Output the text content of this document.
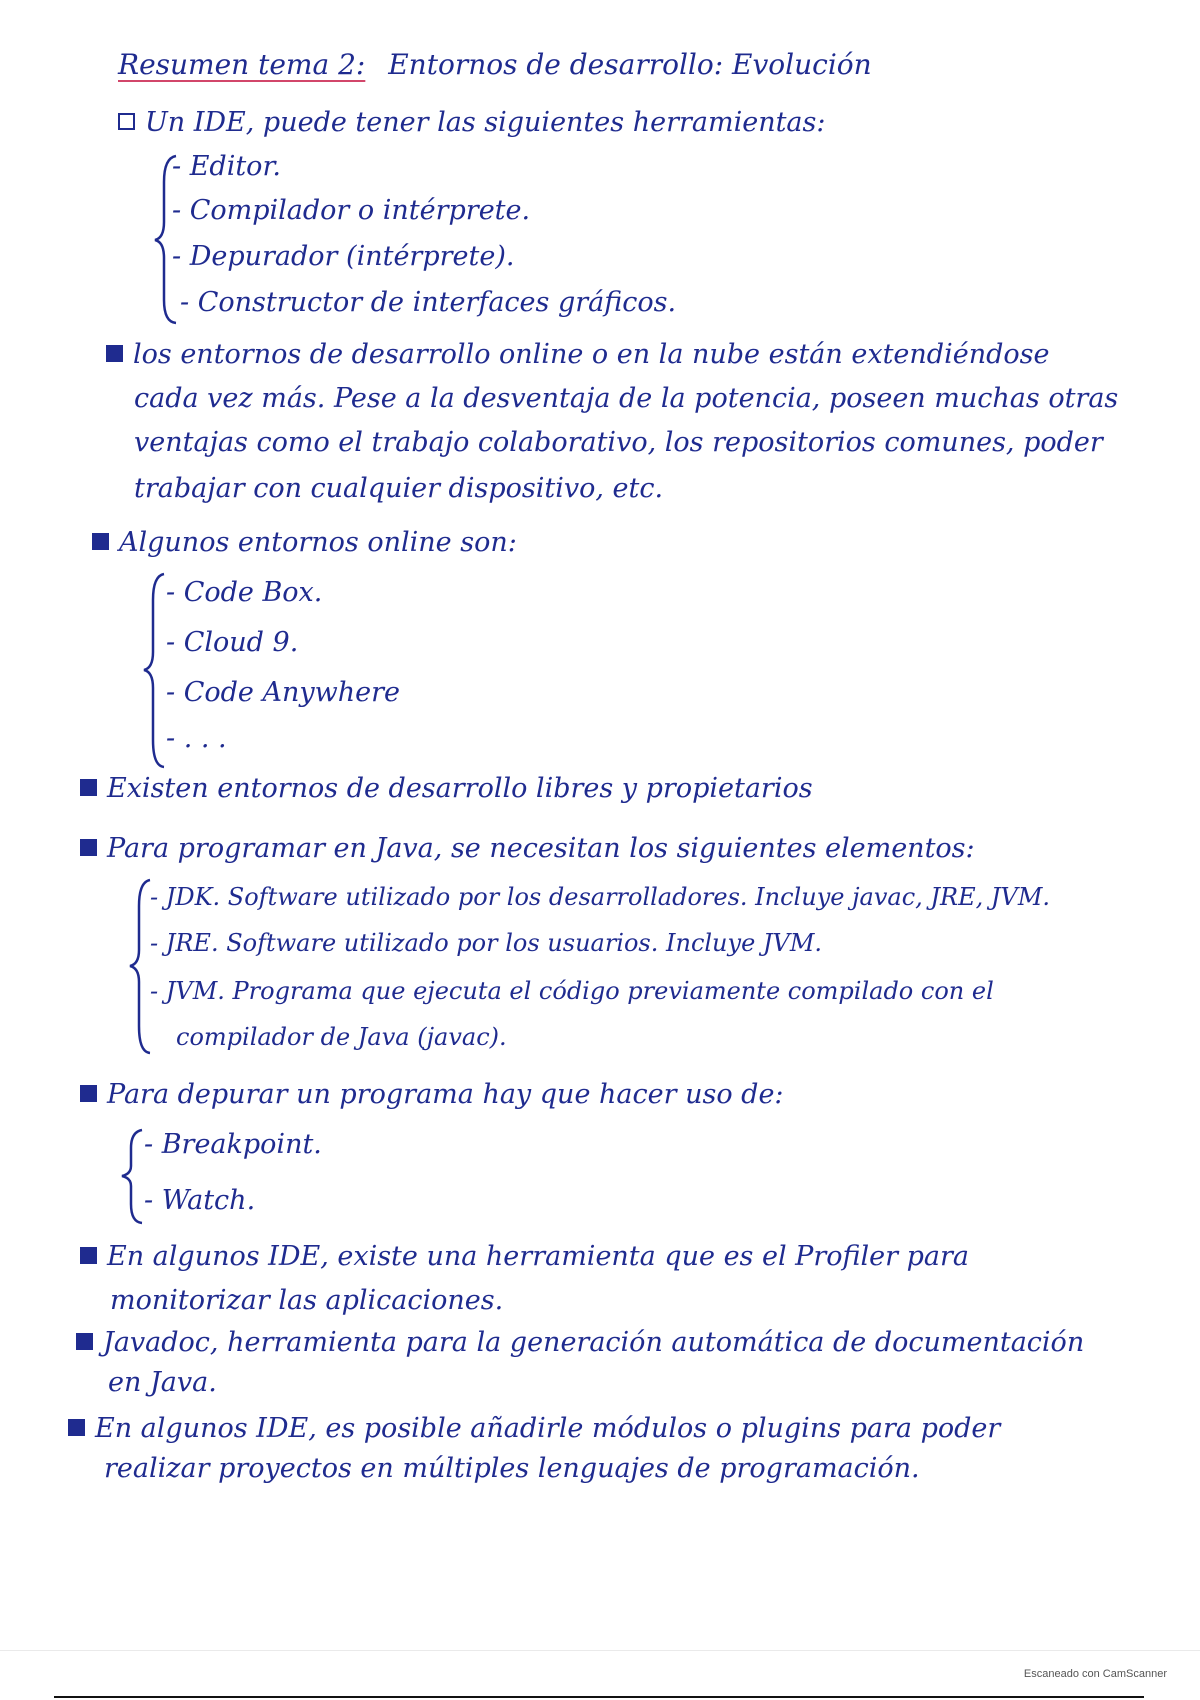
Resumen tema 2: Entornos de desarrollo: Evolución
Un IDE, puede tener las siguientes herramientas:
- Editor.
- Compilador o intérprete.
- Depurador (intérprete).
- Constructor de interfaces gráficos.
los entornos de desarrollo online o en la nube están extendiéndose
cada vez más. Pese a la desventaja de la potencia, poseen muchas otras
ventajas como el trabajo colaborativo, los repositorios comunes, poder
trabajar con cualquier dispositivo, etc.
Algunos entornos online son:
- Code Box.
- Cloud 9.
- Code Anywhere
- . . .
Existen entornos de desarrollo libres y propietarios
Para programar en Java, se necesitan los siguientes elementos:
- JDK. Software utilizado por los desarrolladores. Incluye javac, JRE, JVM.
- JRE. Software utilizado por los usuarios. Incluye JVM.
- JVM. Programa que ejecuta el código previamente compilado con el
compilador de Java (javac).
Para depurar un programa hay que hacer uso de:
- Breakpoint.
- Watch.
En algunos IDE, existe una herramienta que es el Profiler para
monitorizar las aplicaciones.
Javadoc, herramienta para la generación automática de documentación
en Java.
En algunos IDE, es posible añadirle módulos o plugins para poder
realizar proyectos en múltiples lenguajes de programación.
Escaneado con CamScanner
